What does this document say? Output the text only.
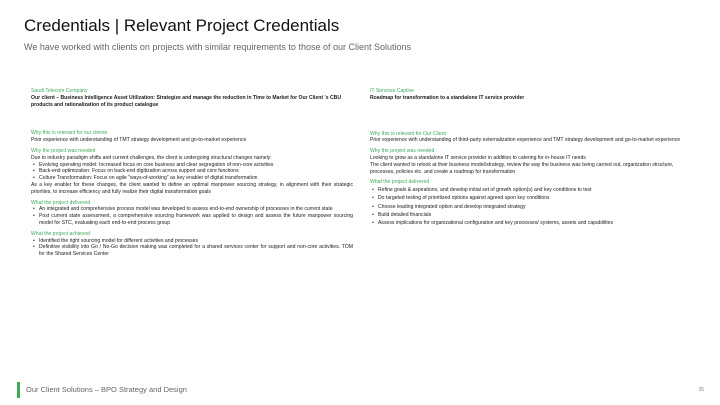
Credentials | Relevant Project Credentials

We have worked with clients on projects with similar requirements to those of our Client Solutions

Saudi Telecom Company

Our client – Business Intelligence Asset Utilization: Strategize and manage the reduction in Time to Market for Our Client 's CBU products and rationalization of its product catalogue

Why this is relevant for our clients

Prior experience with understanding of TMT strategy development and go-to-market experience

Why the project was needed

Due to industry paradigm shifts and current challenges, the client is undergoing structural changes namely:

• Evolving operating model: Increased focus on core business and clear segregation of non-core activities
• Back-end optimization: Focus on back-end digitization across support and core functions
• Culture Transformation: Focus on agile "ways-of-working" as key enabler of digital transformation

As a key enabler for these changes, the client wanted to define an optimal manpower sourcing strategy, in alignment with their strategic priorities, to increase efficiency and fully realize their digital transformation goals

What the project delivered

• An integrated and comprehensive process model was developed to assess end-to-end ownership of processes in the current state
• Post current state assessment, a comprehensive sourcing framework was applied to design and assess the future manpower sourcing model for STC, evaluating each end-to-end process group

What the project achieved

• Identified the right sourcing model for different activities and processes
• Definitive visibility into Go / No-Go decision making was completed for a shared services center for support and non-core activities. TOM for the Shared Services Center

IT Services Captive

Roadmap for transformation to a standalone IT service provider

Why this is relevant for Our Client

Prior experience with understanding of third-party externalization experience and TMT strategy development and go-to-market experience

Why the project was needed

Looking to grow as a standalone IT service provider in addition to catering for in-house IT needs

The client wanted to relook at their business model/strategy, review the way the business was being carried out, organization structure, processes, policies etc. and create a roadmap for transformation

What the project delivered

• Refine goals & aspirations, and develop initial set of growth option(s) and key conditions to test
• Do targeted testing of prioritized options against agreed upon key conditions
• Choose leading integrated option and develop integrated strategy
• Build detailed financials
• Assess implications for organizational configuration and key processes/ systems, assets and capabilities
Our Client Solutions – BPO Strategy and Design	35
